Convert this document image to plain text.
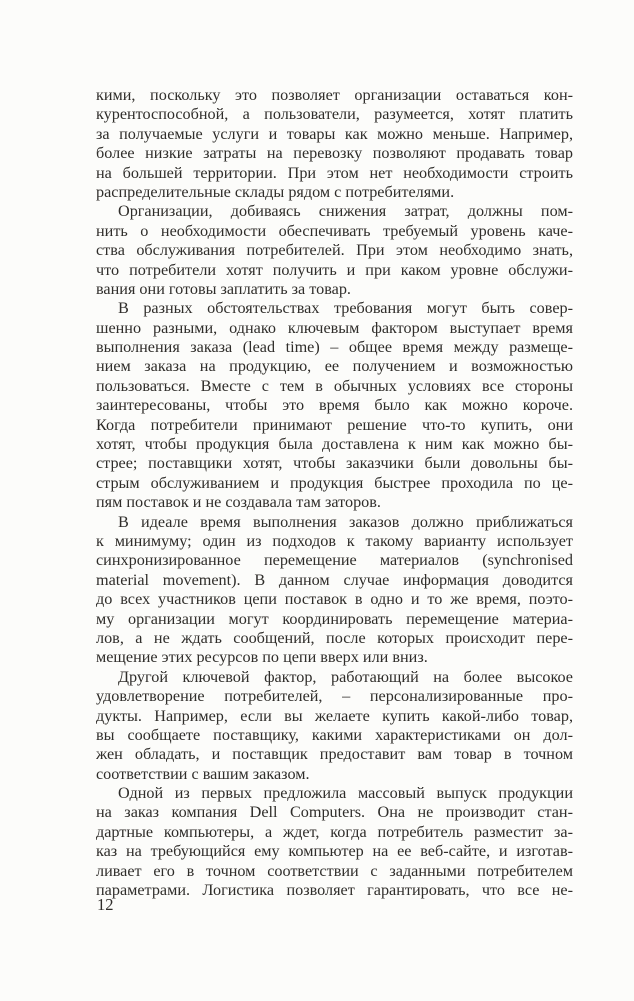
кими, поскольку это позволяет организации оставаться кон-
курентоспособной, а пользователи, разумеется, хотят платить
за получаемые услуги и товары как можно меньше. Например,
более низкие затраты на перевозку позволяют продавать товар
на большей территории. При этом нет необходимости строить
распределительные склады рядом с потребителями.
Организации, добиваясь снижения затрат, должны пом-
нить о необходимости обеспечивать требуемый уровень каче-
ства обслуживания потребителей. При этом необходимо знать,
что потребители хотят получить и при каком уровне обслужи-
вания они готовы заплатить за товар.
В разных обстоятельствах требования могут быть совер-
шенно разными, однако ключевым фактором выступает время
выполнения заказа (lead time) – общее время между размеще-
нием заказа на продукцию, ее получением и возможностью
пользоваться. Вместе с тем в обычных условиях все стороны
заинтересованы, чтобы это время было как можно короче.
Когда потребители принимают решение что-то купить, они
хотят, чтобы продукция была доставлена к ним как можно бы-
стрее; поставщики хотят, чтобы заказчики были довольны бы-
стрым обслуживанием и продукция быстрее проходила по це-
пям поставок и не создавала там заторов.
В идеале время выполнения заказов должно приближаться
к минимуму; один из подходов к такому варианту использует
синхронизированное перемещение материалов (synchronised
material movement). В данном случае информация доводится
до всех участников цепи поставок в одно и то же время, поэто-
му организации могут координировать перемещение материа-
лов, а не ждать сообщений, после которых происходит пере-
мещение этих ресурсов по цепи вверх или вниз.
Другой ключевой фактор, работающий на более высокое
удовлетворение потребителей, – персонализированные про-
дукты. Например, если вы желаете купить какой-либо товар,
вы сообщаете поставщику, какими характеристиками он дол-
жен обладать, и поставщик предоставит вам товар в точном
соответствии с вашим заказом.
Одной из первых предложила массовый выпуск продукции
на заказ компания Dell Computers. Она не производит стан-
дартные компьютеры, а ждет, когда потребитель разместит за-
каз на требующийся ему компьютер на ее веб-сайте, и изготав-
ливает его в точном соответствии с заданными потребителем
параметрами. Логистика позволяет гарантировать, что все не-
12
